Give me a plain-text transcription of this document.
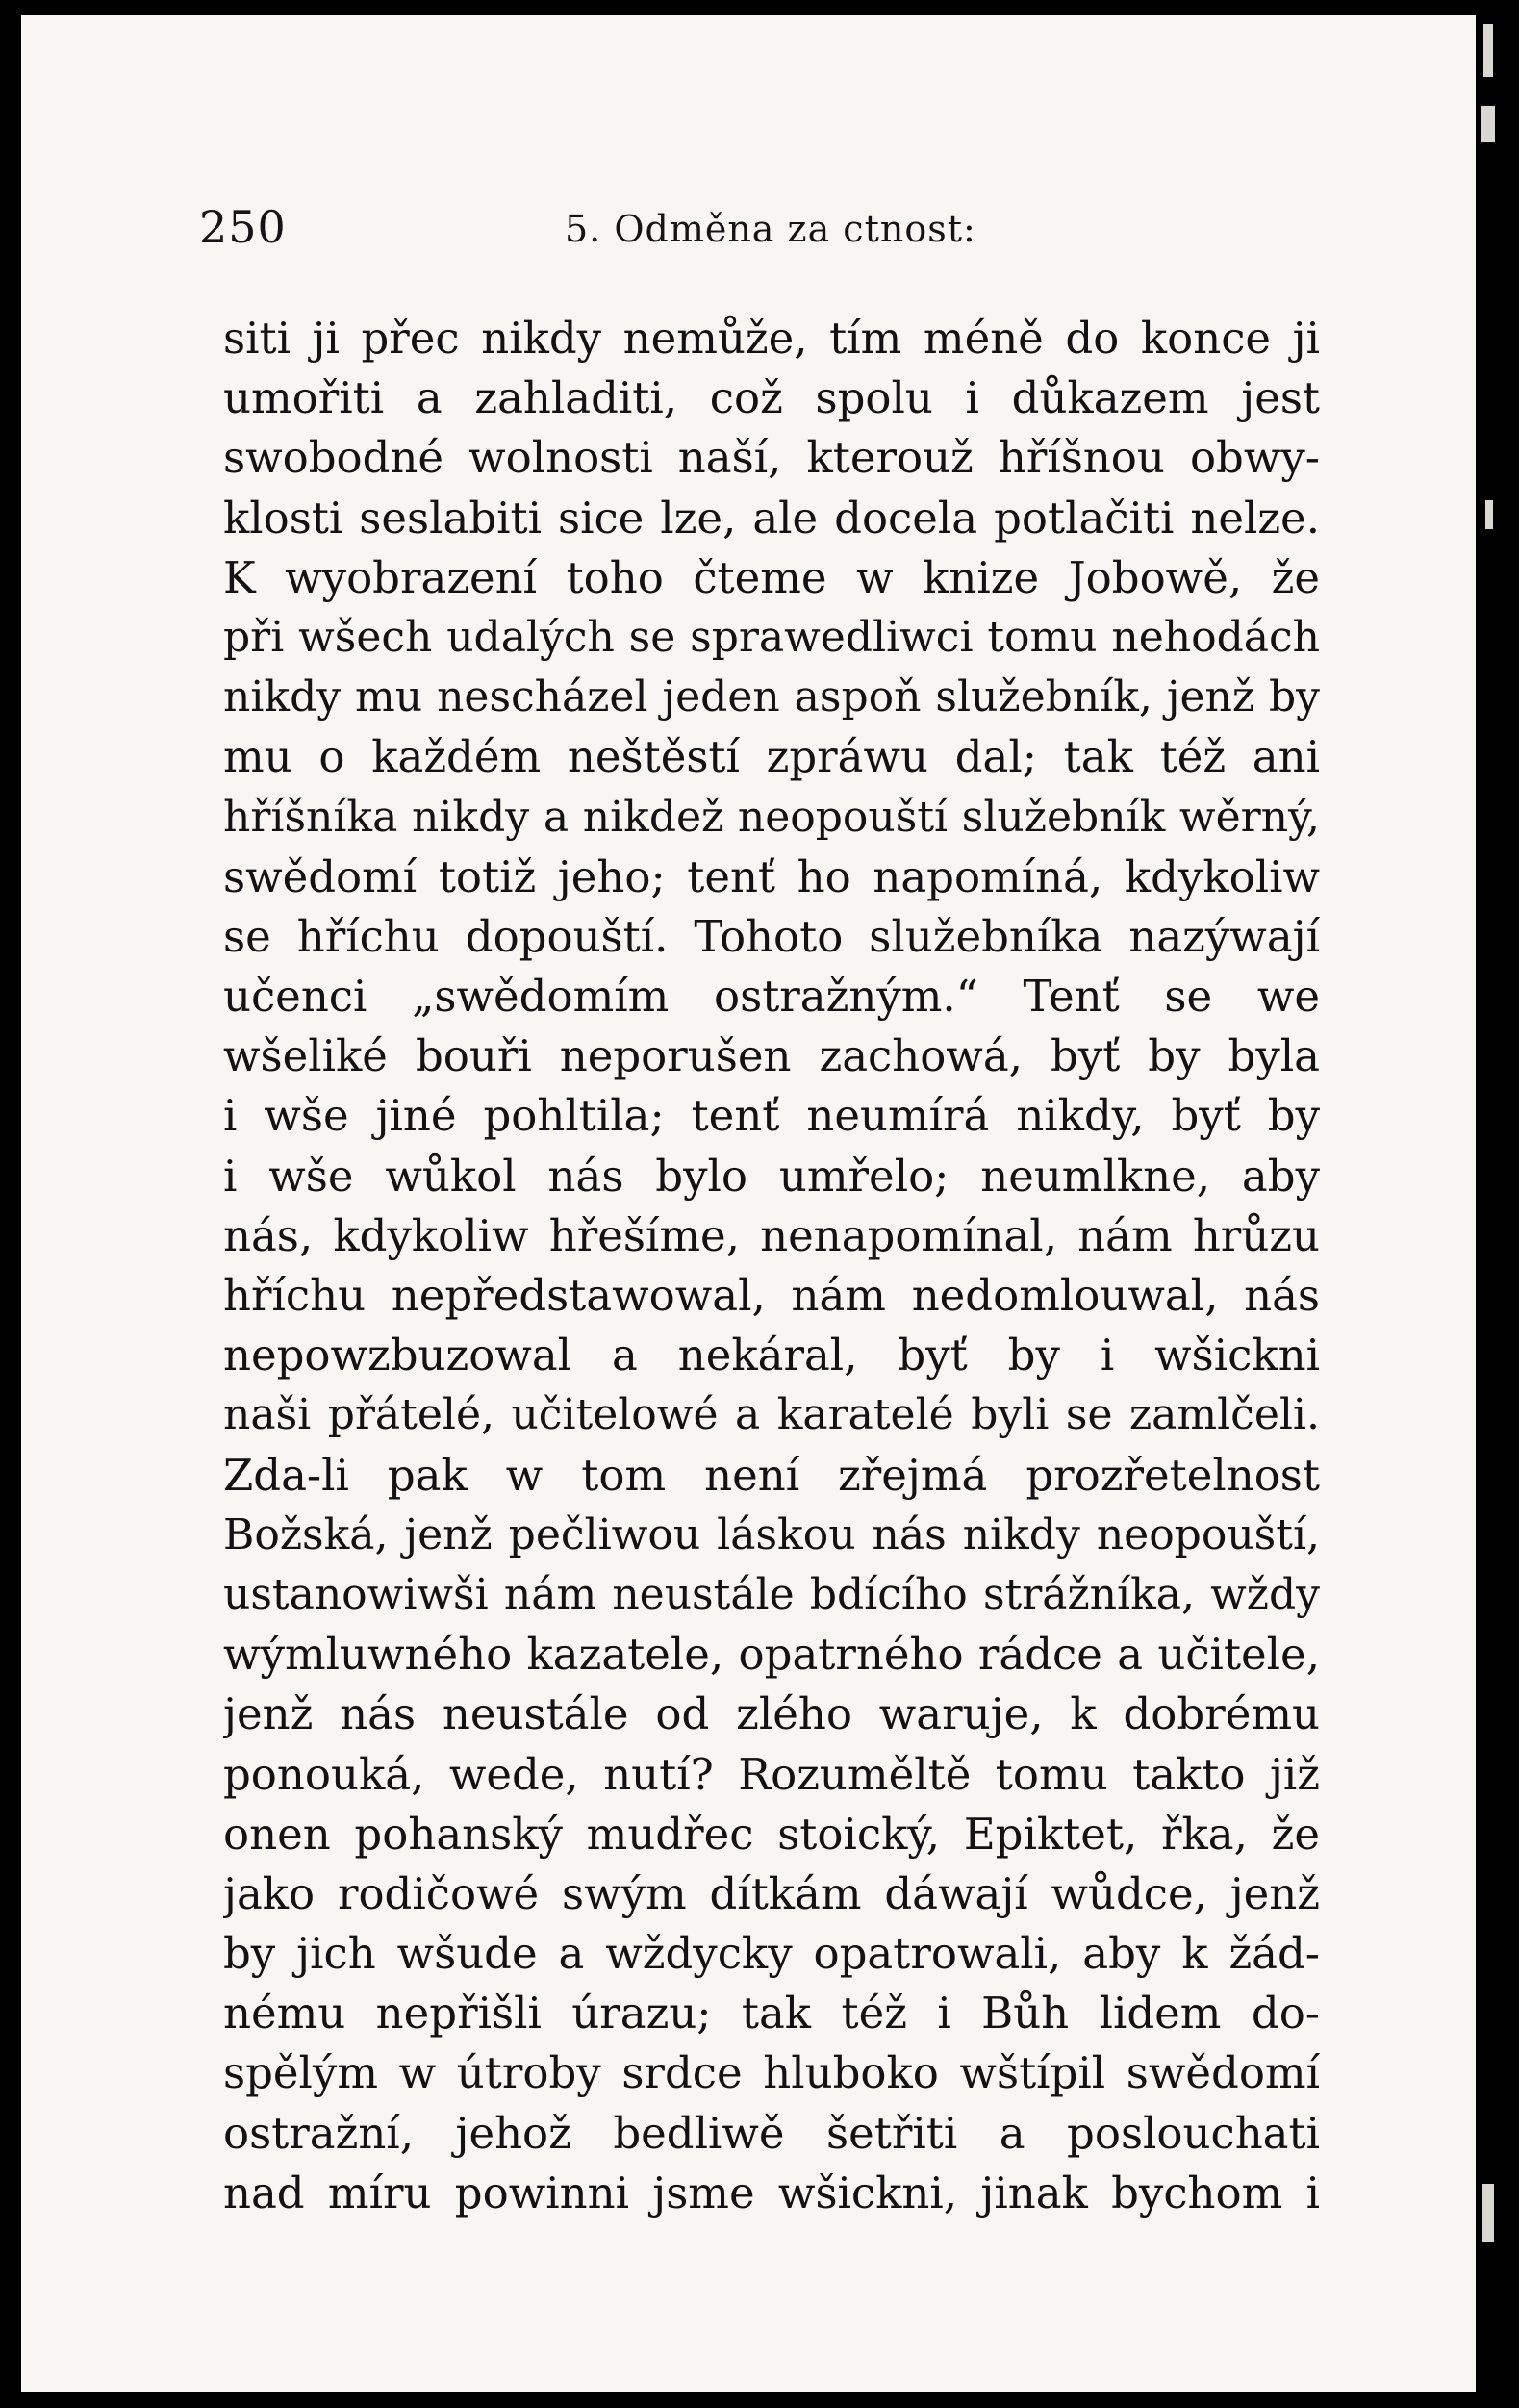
250	5. Odměna za ctnost:
siti ji přec nikdy nemůže, tím méně do konce ji
umořiti a zahladiti, což spolu i důkazem jest
swobodné wolnosti naší, kterouž hříšnou obwy-
klosti seslabiti sice lze, ale docela potlačiti nelze.
K wyobrazení toho čteme w knize Jobowě, že
při wšech udalých se sprawedliwci tomu nehodách
nikdy mu nescházel jeden aspoň služebník, jenž by
mu o každém neštěstí zpráwu dal; tak též ani
hříšníka nikdy a nikdež neopouští služebník wěrný,
swědomí totiž jeho; tenť ho napomíná, kdykoliw
se hříchu dopouští. Tohoto služebníka nazýwají
učenci „swědomím ostražným.“ Tenť se we
wšeliké bouři neporušen zachowá, byť by byla
i wše jiné pohltila; tenť neumírá nikdy, byť by
i wše wůkol nás bylo umřelo; neumlkne, aby
nás, kdykoliw hřešíme, nenapomínal, nám hrůzu
hříchu nepředstawowal, nám nedomlouwal, nás
nepowzbuzowal a nekáral, byť by i wšickni
naši přátelé, učitelowé a karatelé byli se zamlčeli.
Zda-li pak w tom není zřejmá prozřetelnost
Božská, jenž pečliwou láskou nás nikdy neopouští,
ustanowiwši nám neustále bdícího strážníka, wždy
wýmluwného kazatele, opatrného rádce a učitele,
jenž nás neustále od zlého waruje, k dobrému
ponouká, wede, nutí? Rozuměltě tomu takto již
onen pohanský mudřec stoický, Epiktet, řka, že
jako rodičowé swým dítkám dáwají wůdce, jenž
by jich wšude a wždycky opatrowali, aby k žád-
nému nepřišli úrazu; tak též i Bůh lidem do-
spělým w útroby srdce hluboko wštípil swědomí
ostražní, jehož bedliwě šetřiti a poslouchati
nad míru powinni jsme wšickni, jinak bychom i
